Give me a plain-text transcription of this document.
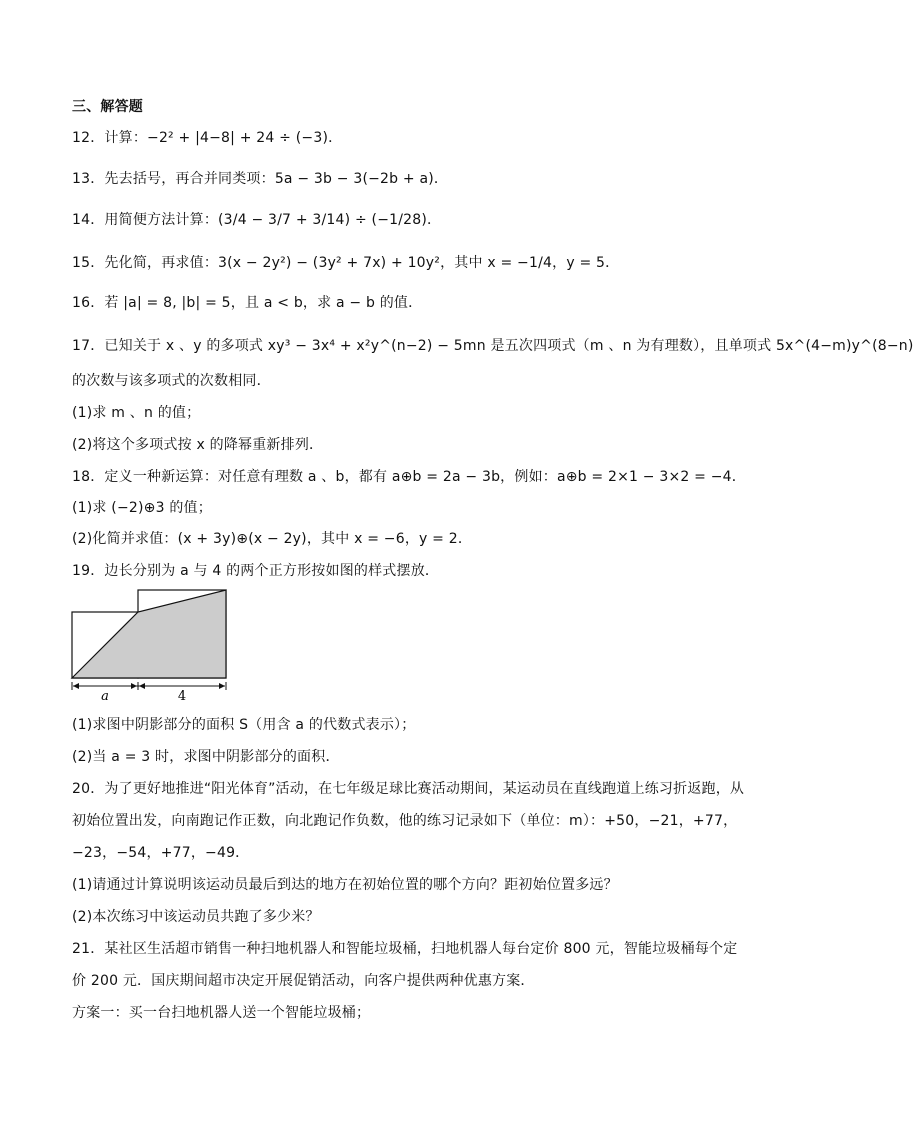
三、解答题
12．计算：−2² + |4−8| + 24 ÷ (−3)．
13．先去括号，再合并同类项：5a − 3b − 3(−2b + a)．
14．用简便方法计算：(3/4 − 3/7 + 3/14) ÷ (−1/28)．
15．先化简，再求值：3(x − 2y²) − (3y² + 7x) + 10y²，其中 x = −1/4，y = 5．
16．若 |a| = 8, |b| = 5，且 a < b，求 a − b 的值．
17．已知关于 x 、y 的多项式 xy³ − 3x⁴ + x²y^(n−2) − 5mn 是五次四项式（m 、n 为有理数），且单项式 5x^(4−m)y^(8−n)
的次数与该多项式的次数相同．
(1)求 m 、n 的值；
(2)将这个多项式按 x 的降幂重新排列．
18．定义一种新运算：对任意有理数 a 、b，都有 a⊕b = 2a − 3b，例如：a⊕b = 2×1 − 3×2 = −4．
(1)求 (−2)⊕3 的值；
(2)化简并求值：(x + 3y)⊕(x − 2y)，其中 x = −6，y = 2．
19．边长分别为 a 与 4 的两个正方形按如图的样式摆放．
a	4
(1)求图中阴影部分的面积 S（用含 a 的代数式表示）；
(2)当 a = 3 时，求图中阴影部分的面积．
20．为了更好地推进“阳光体育”活动，在七年级足球比赛活动期间，某运动员在直线跑道上练习折返跑，从
初始位置出发，向南跑记作正数，向北跑记作负数，他的练习记录如下（单位：m）：+50，−21，+77，
−23，−54，+77，−49．
(1)请通过计算说明该运动员最后到达的地方在初始位置的哪个方向？距初始位置多远？
(2)本次练习中该运动员共跑了多少米？
21．某社区生活超市销售一种扫地机器人和智能垃圾桶，扫地机器人每台定价 800 元，智能垃圾桶每个定
价 200 元．国庆期间超市决定开展促销活动，向客户提供两种优惠方案．
方案一：买一台扫地机器人送一个智能垃圾桶；
